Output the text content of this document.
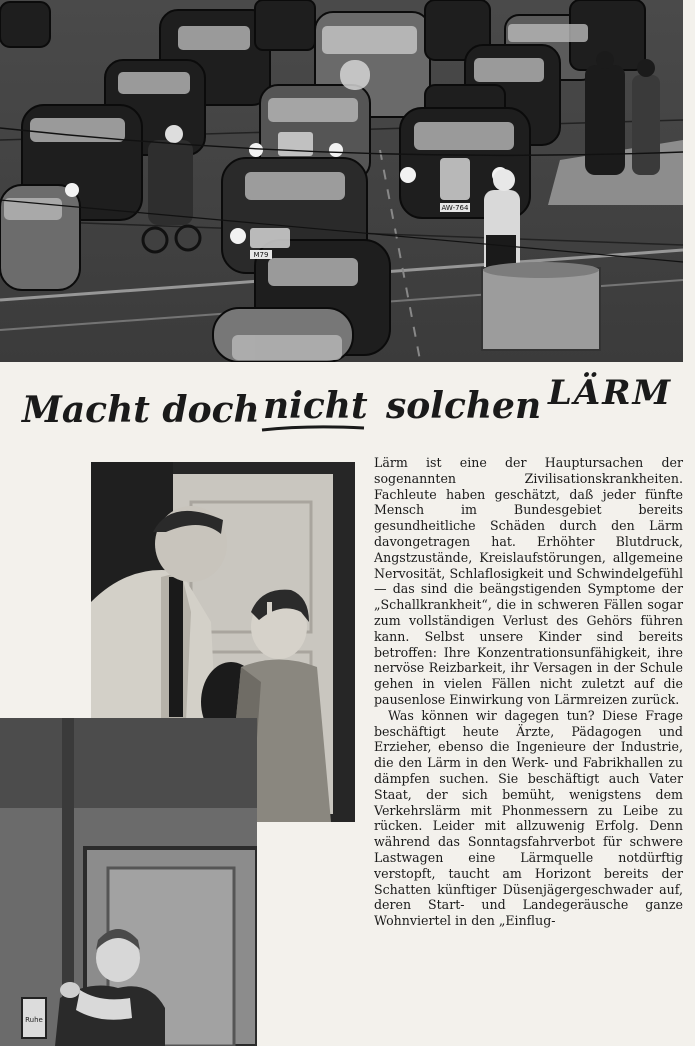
AW-764
M79
Macht doch nicht solchen LÄRM
Ruhe

Lärm ist eine der Hauptursachen der sogenannten Zivilisationskrankheiten. Fachleute haben geschätzt, daß jeder fünfte Mensch im Bundesgebiet bereits gesundheitliche Schäden durch den Lärm davongetragen hat. Erhöhter Blutdruck, Angstzustände, Kreislaufstörungen, allgemeine Nervosität, Schlaflosigkeit und Schwindelgefühl — das sind die beängstigenden Symptome der „Schallkrankheit“, die in schweren Fällen sogar zum vollständigen Verlust des Gehörs führen kann. Selbst unsere Kinder sind bereits betroffen: Ihre Konzentrationsunfähigkeit, ihre nervöse Reizbarkeit, ihr Versagen in der Schule gehen in vielen Fällen nicht zuletzt auf die pausenlose Einwirkung von Lärmreizen zurück.

Was können wir dagegen tun? Diese Frage beschäftigt heute Ärzte, Pädagogen und Erzieher, ebenso die Ingenieure der Industrie, die den Lärm in den Werk- und Fabrikhallen zu dämpfen suchen. Sie beschäftigt auch Vater Staat, der sich bemüht, wenigstens dem Verkehrslärm mit Phonmessern zu Leibe zu rücken. Leider mit allzuwenig Erfolg. Denn während das Sonntagsfahrverbot für schwere Lastwagen eine Lärmquelle notdürftig verstopft, taucht am Horizont bereits der Schatten künftiger Düsenjägergeschwader auf, deren Start- und Landegeräusche ganze Wohnviertel in den „Einflug-
